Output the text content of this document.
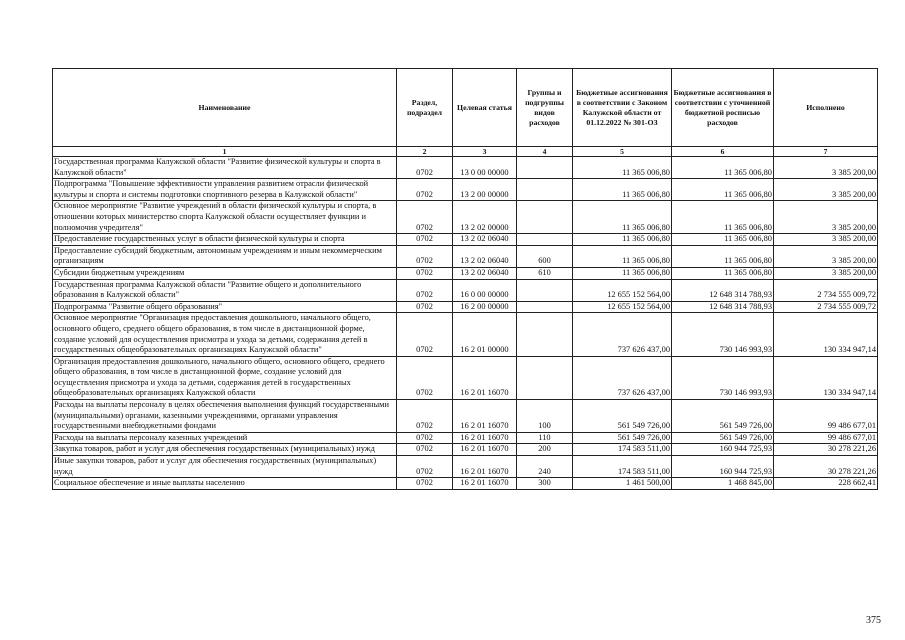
Наименование	Раздел, подраздел	Целевая статья	Группы и подгруппы видов расходов	Бюджетные ассигнования в соответствии с Законом Калужской области от 01.12.2022 № 301-ОЗ	Бюджетные ассигнования в соответствии с уточненной бюджетной росписью расходов	Исполнено
1	2	3	4	5	6	7
Государственная программа Калужской области "Развитие физической культуры и спорта в Калужской области"	0702	13 0 00 00000		11 365 006,80	11 365 006,80	3 385 200,00
Подпрограмма "Повышение эффективности управления развитием отрасли физической культуры и спорта и системы подготовки спортивного резерва в Калужской области"	0702	13 2 00 00000		11 365 006,80	11 365 006,80	3 385 200,00
Основное мероприятие "Развитие учреждений в области физической культуры и спорта, в отношении которых министерство спорта Калужской области осуществляет функции и полномочия учредителя"	0702	13 2 02 00000		11 365 006,80	11 365 006,80	3 385 200,00
Предоставление государственных услуг в области физической культуры и спорта	0702	13 2 02 06040		11 365 006,80	11 365 006,80	3 385 200,00
Предоставление субсидий бюджетным, автономным учреждениям и иным некоммерческим организациям	0702	13 2 02 06040	600	11 365 006,80	11 365 006,80	3 385 200,00
Субсидии бюджетным учреждениям	0702	13 2 02 06040	610	11 365 006,80	11 365 006,80	3 385 200,00
Государственная программа Калужской области "Развитие общего и дополнительного образования в Калужской области"	0702	16 0 00 00000		12 655 152 564,00	12 648 314 788,93	2 734 555 009,72
Подпрограмма "Развитие общего образования"	0702	16 2 00 00000		12 655 152 564,00	12 648 314 788,93	2 734 555 009,72
Основное мероприятие "Организация предоставления дошкольного, начального общего, основного общего, среднего общего образования, в том числе в дистанционной форме, создание условий для осуществления присмотра и ухода за детьми, содержания детей в государственных общеобразовательных организациях Калужской области"	0702	16 2 01 00000		737 626 437,00	730 146 993,93	130 334 947,14
Организация предоставления дошкольного, начального общего, основного общего, среднего общего образования, в том числе в дистанционной форме, создание условий для осуществления присмотра и ухода за детьми, содержания детей в государственных общеобразовательных организациях Калужской области	0702	16 2 01 16070		737 626 437,00	730 146 993,93	130 334 947,14
Расходы на выплаты персоналу в целях обеспечения выполнения функций государственными (муниципальными) органами, казенными учреждениями, органами управления государственными внебюджетными фондами	0702	16 2 01 16070	100	561 549 726,00	561 549 726,00	99 486 677,01
Расходы на выплаты персоналу казенных учреждений	0702	16 2 01 16070	110	561 549 726,00	561 549 726,00	99 486 677,01
Закупка товаров, работ и услуг для обеспечения государственных (муниципальных) нужд	0702	16 2 01 16070	200	174 583 511,00	160 944 725,93	30 278 221,26
Иные закупки товаров, работ и услуг для обеспечения государственных (муниципальных) нужд	0702	16 2 01 16070	240	174 583 511,00	160 944 725,93	30 278 221,26
Социальное обеспечение и иные выплаты населению	0702	16 2 01 16070	300	1 461 500,00	1 468 845,00	228 662,41
375
